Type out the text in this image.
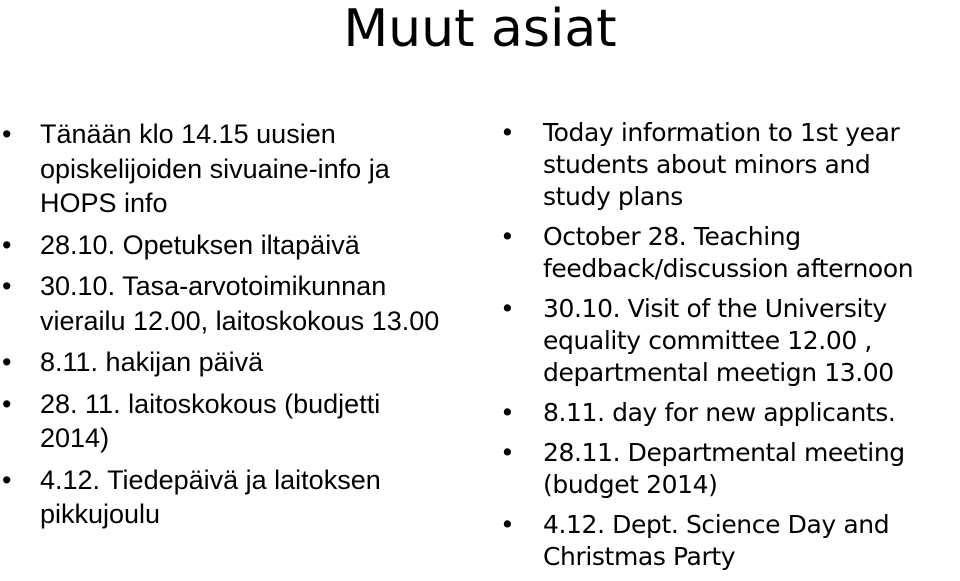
Muut asiat
•
Tänään klo 14.15 uusien opiskelijoiden sivuaine-info ja HOPS info
•
28.10. Opetuksen iltapäivä
•
30.10. Tasa-arvotoimikunnan vierailu 12.00, laitoskokous 13.00
•
8.11. hakijan päivä
•
28. 11. laitoskokous (budjetti 2014)
•
4.12. Tiedepäivä ja laitoksen pikkujoulu
•
Today information to 1st year
students about minors and
study plans
•
October 28. Teaching
feedback/discussion afternoon
•
30.10. Visit of the University
equality committee 12.00 ,
departmental meetign 13.00
•
8.11. day for new applicants.
•
28.11. Departmental meeting
(budget 2014)
•
4.12. Dept. Science Day and
Christmas Party
